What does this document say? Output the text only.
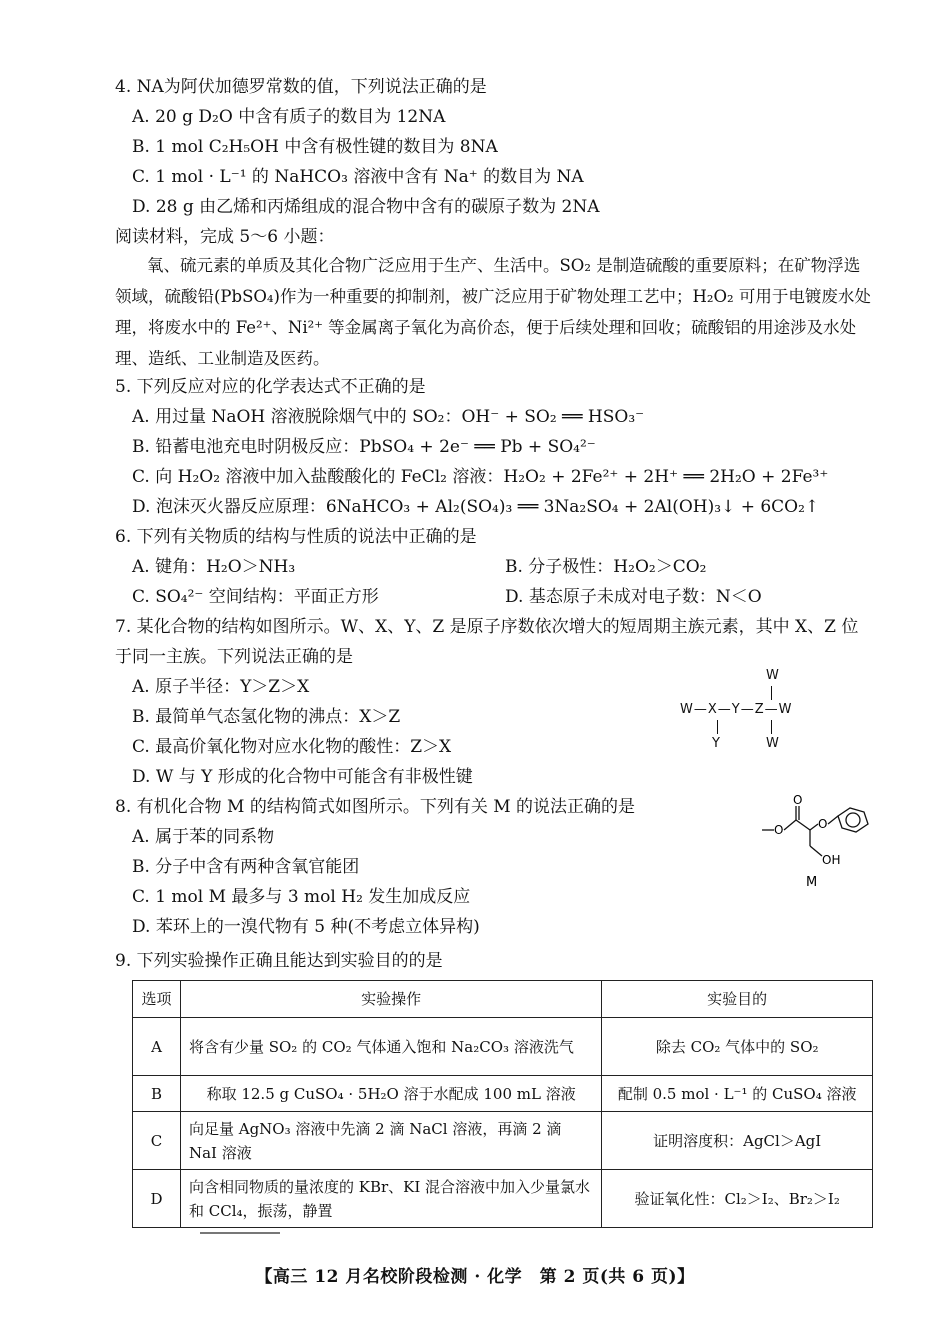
4. NA为阿伏加德罗常数的值，下列说法正确的是
A. 20 g D₂O 中含有质子的数目为 12NA
B. 1 mol C₂H₅OH 中含有极性键的数目为 8NA
C. 1 mol · L⁻¹ 的 NaHCO₃ 溶液中含有 Na⁺ 的数目为 NA
D. 28 g 由乙烯和丙烯组成的混合物中含有的碳原子数为 2NA
阅读材料，完成 5～6 小题：
氧、硫元素的单质及其化合物广泛应用于生产、生活中。SO₂ 是制造硫酸的重要原料；在矿物浮选领域，硫酸铅(PbSO₄)作为一种重要的抑制剂，被广泛应用于矿物处理工艺中；H₂O₂ 可用于电镀废水处理，将废水中的 Fe²⁺、Ni²⁺ 等金属离子氧化为高价态，便于后续处理和回收；硫酸铝的用途涉及水处理、造纸、工业制造及医药。
5. 下列反应对应的化学表达式不正确的是
A. 用过量 NaOH 溶液脱除烟气中的 SO₂：OH⁻ + SO₂ ══ HSO₃⁻
B. 铅蓄电池充电时阴极反应：PbSO₄ + 2e⁻ ══ Pb + SO₄²⁻
C. 向 H₂O₂ 溶液中加入盐酸酸化的 FeCl₂ 溶液：H₂O₂ + 2Fe²⁺ + 2H⁺ ══ 2H₂O + 2Fe³⁺
D. 泡沫灭火器反应原理：6NaHCO₃ + Al₂(SO₄)₃ ══ 3Na₂SO₄ + 2Al(OH)₃↓ + 6CO₂↑
6. 下列有关物质的结构与性质的说法中正确的是
A. 键角：H₂O＞NH₃	B. 分子极性：H₂O₂＞CO₂
C. SO₄²⁻ 空间结构：平面正方形	D. 基态原子未成对电子数：N＜O
7. 某化合物的结构如图所示。W、X、Y、Z 是原子序数依次增大的短周期主族元素，其中 X、Z 位
于同一主族。下列说法正确的是
A. 原子半径：Y＞Z＞X
B. 最简单气态氢化物的沸点：X＞Z
C. 最高价氧化物对应水化物的酸性：Z＞X
D. W 与 Y 形成的化合物中可能含有非极性键
W
W—X—Y—Z—W
Y	W
8. 有机化合物 M 的结构简式如图所示。下列有关 M 的说法正确的是
A. 属于苯的同系物
B. 分子中含有两种含氧官能团
C. 1 mol M 最多与 3 mol H₂ 发生加成反应
D. 苯环上的一溴代物有 5 种(不考虑立体异构)
O
O
O
OH
M
9. 下列实验操作正确且能达到实验目的的是
选项	实验操作	实验目的
A	将含有少量 SO₂ 的 CO₂ 气体通入饱和 Na₂CO₃ 溶液洗气	除去 CO₂ 气体中的 SO₂
B	称取 12.5 g CuSO₄ · 5H₂O 溶于水配成 100 mL 溶液	配制 0.5 mol · L⁻¹ 的 CuSO₄ 溶液
C	向足量 AgNO₃ 溶液中先滴 2 滴 NaCl 溶液，再滴 2 滴 NaI 溶液	证明溶度积：AgCl＞AgI
D	向含相同物质的量浓度的 KBr、KI 混合溶液中加入少量氯水和 CCl₄，振荡，静置	验证氧化性：Cl₂＞I₂、Br₂＞I₂
【高三 12 月名校阶段检测 · 化学　第 2 页(共 6 页)】
